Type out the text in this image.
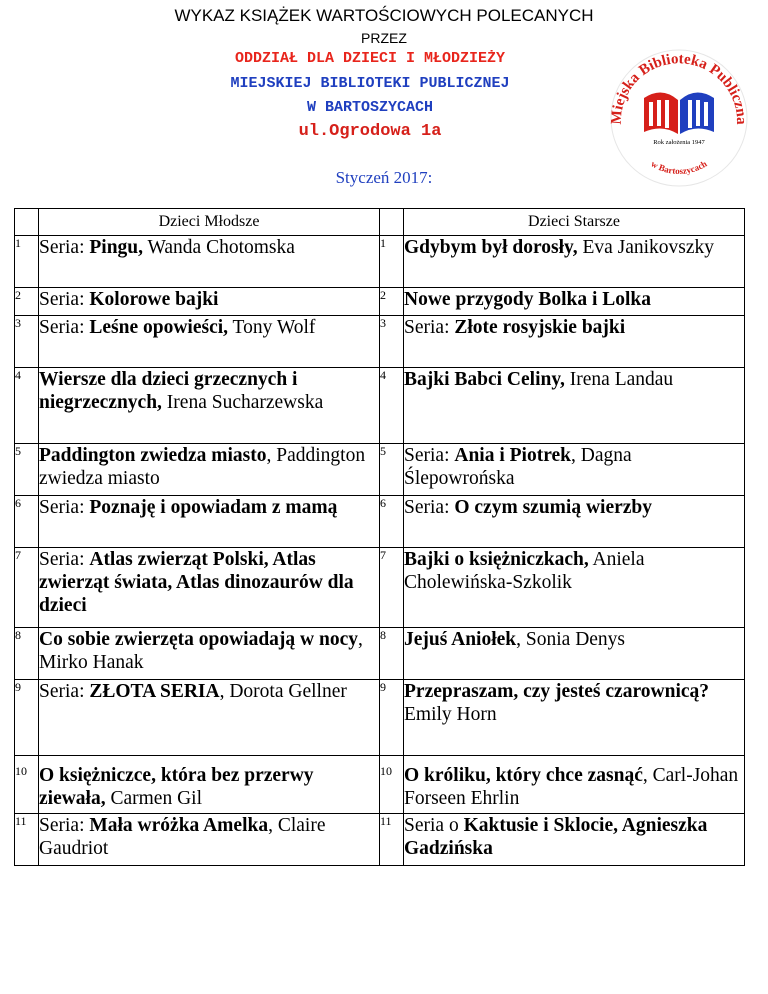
WYKAZ KSIĄŻEK WARTOŚCIOWYCH POLECANYCH
PRZEZ
ODDZIAŁ DLA DZIECI I MŁODZIEŻY
MIEJSKIEJ BIBLIOTEKI PUBLICZNEJ
W BARTOSZYCACH
ul.Ogrodowa 1a
Miejska Biblioteka Publiczna
w Bartoszycach
Rok założenia 1947
Styczeń 2017:
	Dzieci Młodsze		Dzieci Starsze
1	Seria: Pingu, Wanda Chotomska	1	Gdybym był dorosły, Eva Janikovszky
2	Seria: Kolorowe bajki	2	Nowe przygody Bolka i Lolka
3	Seria: Leśne opowieści, Tony Wolf	3	Seria: Złote rosyjskie bajki
4	Wiersze dla dzieci grzecznych i niegrzecznych, Irena Sucharzewska	4	Bajki Babci Celiny, Irena Landau
5	Paddington zwiedza miasto, Paddington zwiedza miasto	5	Seria: Ania i Piotrek, Dagna Ślepowrońska
6	Seria: Poznaję i opowiadam z mamą	6	Seria: O czym szumią wierzby
7	Seria: Atlas zwierząt Polski, Atlas zwierząt świata, Atlas dinozaurów dla dzieci	7	Bajki o księżniczkach, Aniela Cholewińska-Szkolik
8	Co sobie zwierzęta opowiadają w nocy, Mirko Hanak	8	Jejuś Aniołek, Sonia Denys
9	Seria: ZŁOTA SERIA, Dorota Gellner	9	Przepraszam, czy jesteś czarownicą? Emily Horn
10	O księżniczce, która bez przerwy ziewała, Carmen Gil	10	O króliku, który chce zasnąć, Carl-Johan Forseen Ehrlin
11	Seria: Mała wróżka Amelka, Claire Gaudriot	11	Seria o Kaktusie i Sklocie, Agnieszka Gadzińska
